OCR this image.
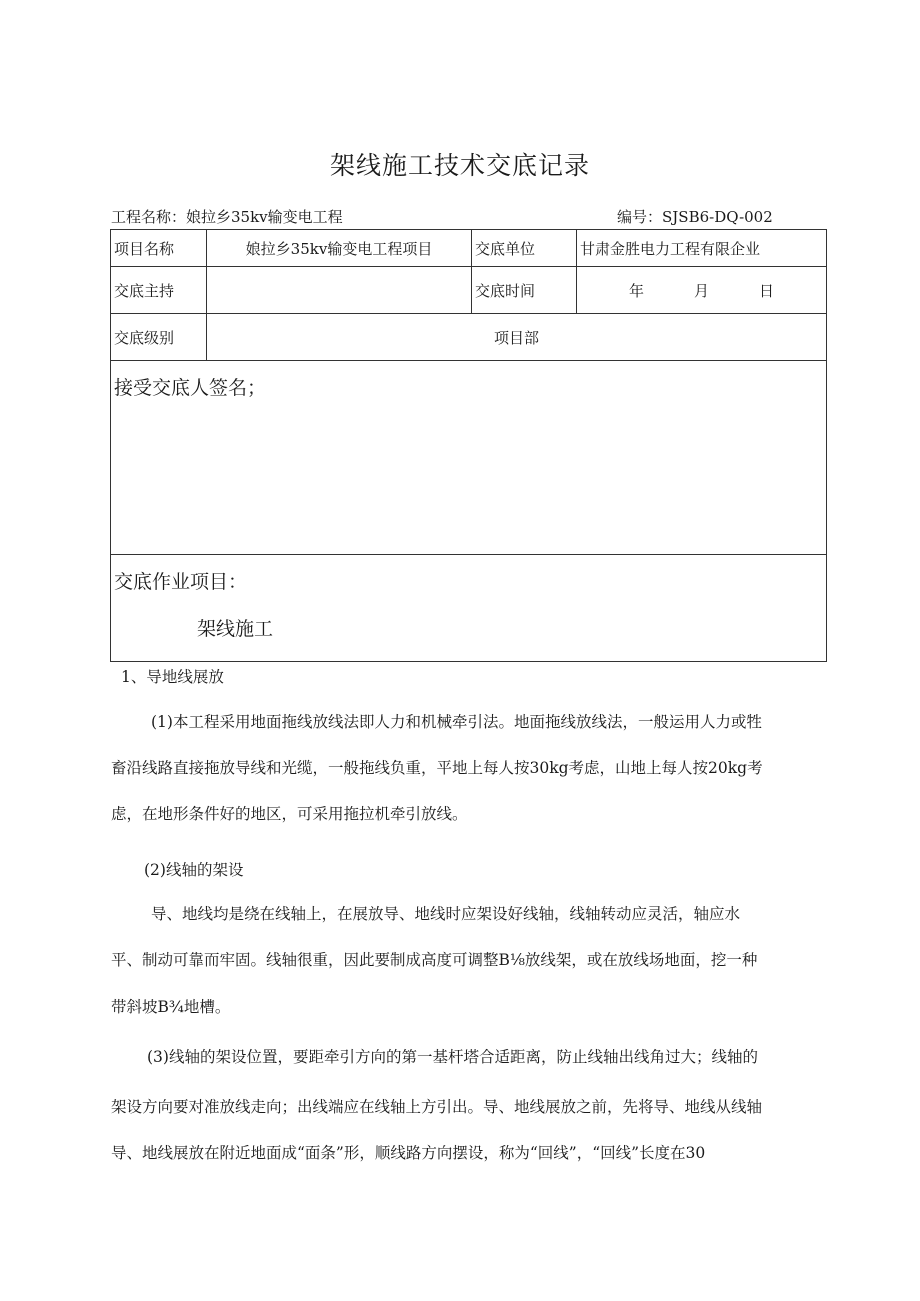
架线施工技术交底记录
工程名称：娘拉乡35kv输变电工程	编号：SJSB6-DQ-002
项目名称	娘拉乡35kv输变电工程项目	交底单位	甘肃金胜电力工程有限企业
交底主持		交底时间	年 月 日
交底级别	项目部		

接受交底人签名；			

交底作业项目：
架线施工			
1、导地线展放
(1)本工程采用地面拖线放线法即人力和机械牵引法。地面拖线放线法，一般运用人力或牲
畜沿线路直接拖放导线和光缆，一般拖线负重，平地上每人按30kg考虑，山地上每人按20kg考
虑，在地形条件好的地区，可采用拖拉机牵引放线。
(2)线轴的架设
导、地线均是绕在线轴上，在展放导、地线时应架设好线轴，线轴转动应灵活，轴应水
平、制动可靠而牢固。线轴很重，因此要制成高度可调整B⅛放线架，或在放线场地面，挖一种
带斜坡B¾地槽。
(3)线轴的架设位置，要距牵引方向的第一基杆塔合适距离，防止线轴出线角过大；线轴的
架设方向要对准放线走向；出线端应在线轴上方引出。导、地线展放之前，先将导、地线从线轴
导、地线展放在附近地面成“面条”形，顺线路方向摆设，称为“回线”，“回线”长度在30
